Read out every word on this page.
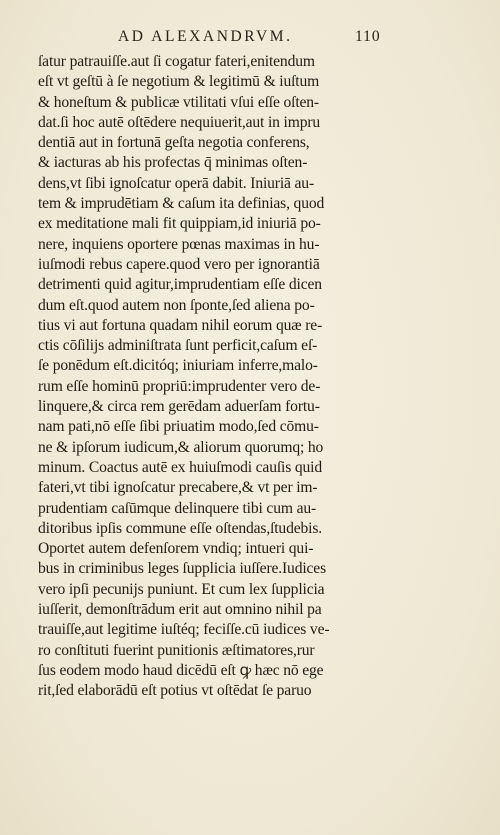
AD ALEXANDRVM.	110
ſatur patrauiſſe.aut ſi cogatur fateri,enitendum
eſt vt geſtū à ſe negotium & legitimū & iuſtum
& honeſtum & publicæ vtilitati vſui eſſe oſten-
dat.ſi hoc autē oſtēdere nequiuerit,aut in impru
dentiā aut in fortunā geſta negotia conferens,
& iacturas ab his profectas q̄ minimas oſten-
dens,vt ſibi ignoſcatur operā dabit. Iniuriā au-
tem & imprudētiam & caſum ita definias, quod
ex meditatione mali fit quippiam,id iniuriā po-
nere, inquiens oportere pœnas maximas in hu-
iuſmodi rebus capere.quod vero per ignorantiā
detrimenti quid agitur,imprudentiam eſſe dicen
dum eſt.quod autem non ſponte,ſed aliena po-
tius vi aut fortuna quadam nihil eorum quæ re-
ctis cōſilijs adminiſtrata ſunt perficit,caſum eſ-
ſe ponēdum eſt.dicitóq; iniuriam inferre,malo-
rum eſſe hominū propriū:imprudenter vero de-
linquere,& circa rem gerēdam aduerſam fortu-
nam pati,nō eſſe ſibi priuatim modo,ſed cōmu-
ne & ipſorum iudicum,& aliorum quorumq; ho
minum. Coactus autē ex huiuſmodi cauſis quid
fateri,vt tibi ignoſcatur precabere,& vt per im-
prudentiam caſūmque delinquere tibi cum au-
ditoribus ipſis commune eſſe oſtendas,ſtudebis.
Oportet autem defenſorem vndiq; intueri qui-
bus in criminibus leges ſupplicia iuſſere.Iudices
vero ipſi pecunijs puniunt. Et cum lex ſupplicia
iuſſerit, demonſtrādum erit aut omnino nihil pa
trauiſſe,aut legitime iuſtéq; feciſſe.cū iudices ve-
ro conſtituti fuerint punitionis æſtimatores,rur
ſus eodem modo haud dicēdū eſt ꝙ hæc nō ege
rit,ſed elaborādū eſt potius vt oſtēdat ſe paruo
